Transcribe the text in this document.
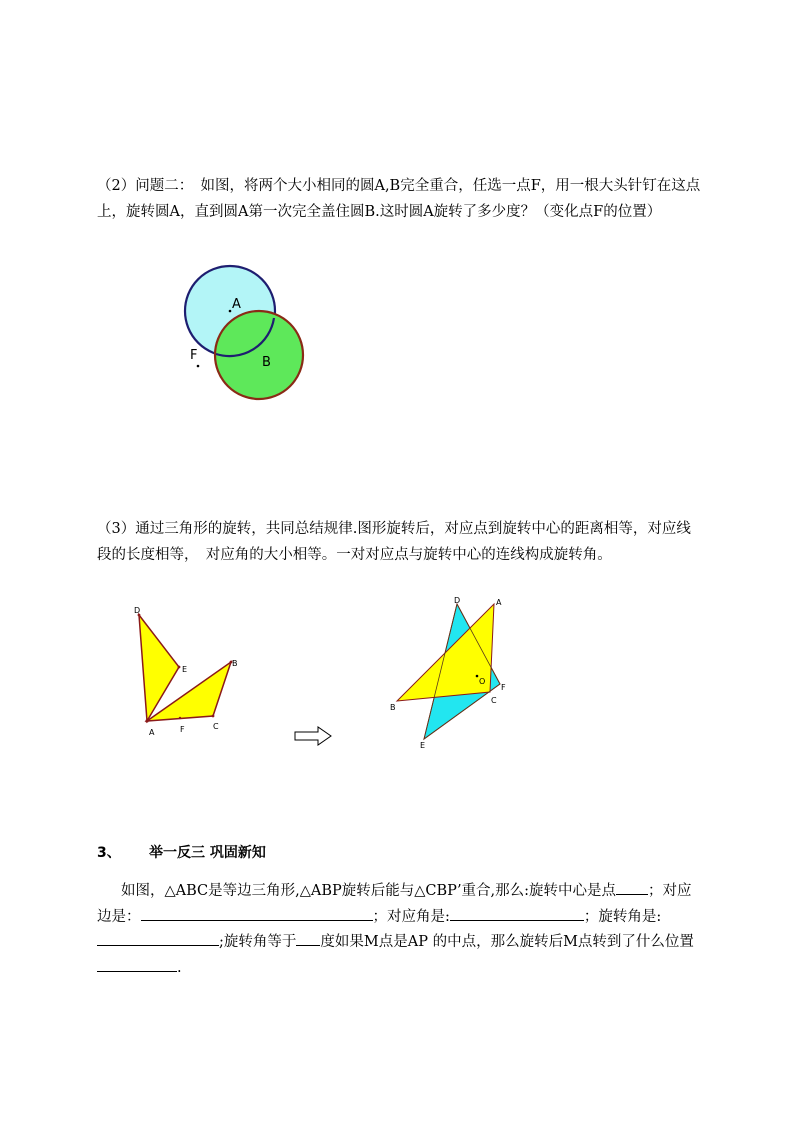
（2）问题二：　如图，将两个大小相同的圆A,B完全重合，任选一点F，用一根大头针钉在这点上，旋转圆A，直到圆A第一次完全盖住圆B.这时圆A旋转了多少度？（变化点F的位置）

A
B
F

（3）通过三角形的旋转，共同总结规律.图形旋转后，对应点到旋转中心的距离相等，对应线段的长度相等，　对应角的大小相等。一对对应点与旋转中心的连线构成旋转角。

D
E
B
A	F	C
D	A
O
F
B
C
E
3、 举一反三 巩固新知

如图，△ABC是等边三角形,△ABP旋转后能与△CBP’重合,那么:旋转中心是点 ；对应边是：	；对应角是:	；旋转角是:;旋转角等于 度如果M点是AP 的中点，那么旋转后M点转到了什么位置.
